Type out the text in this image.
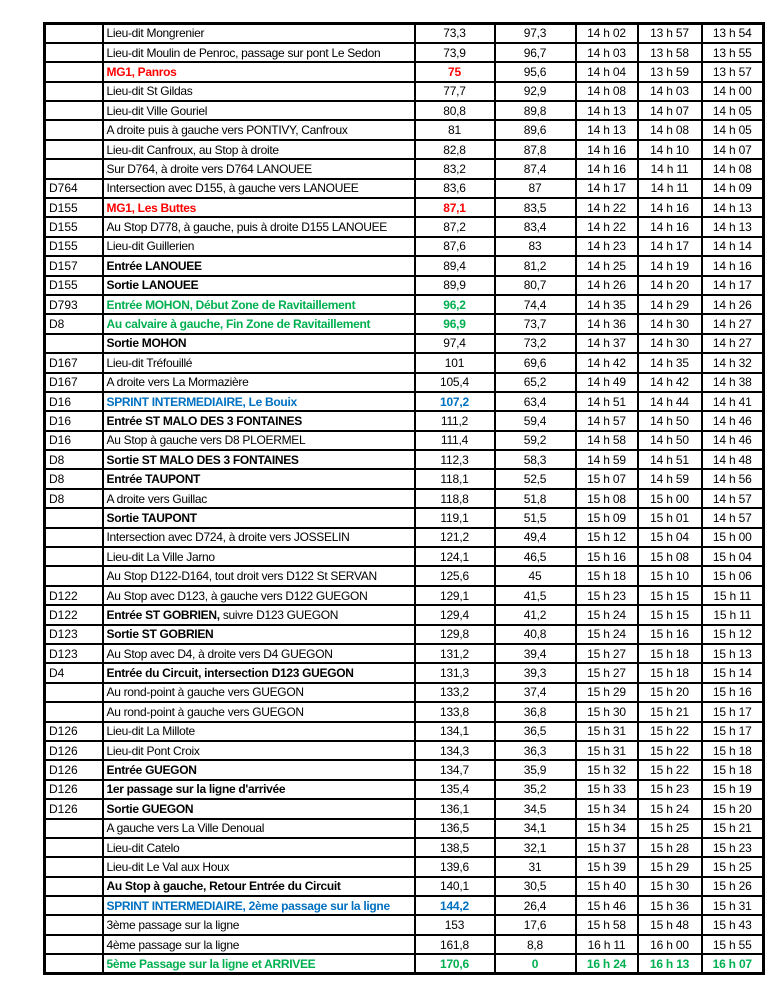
	Lieu-dit Mongrenier	73,3	97,3	14 h 02	13 h 57	13 h 54
	Lieu-dit Moulin de Penroc, passage sur pont Le Sedon	73,9	96,7	14 h 03	13 h 58	13 h 55
	MG1, Panros	75	95,6	14 h 04	13 h 59	13 h 57
	Lieu-dit St Gildas	77,7	92,9	14 h 08	14 h 03	14 h 00
	Lieu-dit Ville Gouriel	80,8	89,8	14 h 13	14 h 07	14 h 05
	A droite puis à gauche vers PONTIVY, Canfroux	81	89,6	14 h 13	14 h 08	14 h 05
	Lieu-dit Canfroux, au Stop à droite	82,8	87,8	14 h 16	14 h 10	14 h 07
	Sur D764, à droite vers D764 LANOUEE	83,2	87,4	14 h 16	14 h 11	14 h 08
D764	Intersection avec D155, à gauche vers LANOUEE	83,6	87	14 h 17	14 h 11	14 h 09
D155	MG1, Les Buttes	87,1	83,5	14 h 22	14 h 16	14 h 13
D155	Au Stop D778, à gauche, puis à droite D155 LANOUEE	87,2	83,4	14 h 22	14 h 16	14 h 13
D155	Lieu-dit Guillerien	87,6	83	14 h 23	14 h 17	14 h 14
D157	Entrée LANOUEE	89,4	81,2	14 h 25	14 h 19	14 h 16
D155	Sortie LANOUEE	89,9	80,7	14 h 26	14 h 20	14 h 17
D793	Entrée MOHON, Début Zone de Ravitaillement	96,2	74,4	14 h 35	14 h 29	14 h 26
D8	Au calvaire à gauche, Fin Zone de Ravitaillement	96,9	73,7	14 h 36	14 h 30	14 h 27
	Sortie MOHON	97,4	73,2	14 h 37	14 h 30	14 h 27
D167	Lieu-dit Tréfouillé	101	69,6	14 h 42	14 h 35	14 h 32
D167	A droite vers La Mormazière	105,4	65,2	14 h 49	14 h 42	14 h 38
D16	SPRINT INTERMEDIAIRE, Le Bouix	107,2	63,4	14 h 51	14 h 44	14 h 41
D16	Entrée ST MALO DES 3 FONTAINES	111,2	59,4	14 h 57	14 h 50	14 h 46
D16	Au Stop à gauche vers D8 PLOERMEL	111,4	59,2	14 h 58	14 h 50	14 h 46
D8	Sortie ST MALO DES 3 FONTAINES	112,3	58,3	14 h 59	14 h 51	14 h 48
D8	Entrée TAUPONT	118,1	52,5	15 h 07	14 h 59	14 h 56
D8	A droite vers Guillac	118,8	51,8	15 h 08	15 h 00	14 h 57
	Sortie TAUPONT	119,1	51,5	15 h 09	15 h 01	14 h 57
	Intersection avec D724, à droite vers JOSSELIN	121,2	49,4	15 h 12	15 h 04	15 h 00
	Lieu-dit La Ville Jarno	124,1	46,5	15 h 16	15 h 08	15 h 04
	Au Stop D122-D164, tout droit vers D122 St SERVAN	125,6	45	15 h 18	15 h 10	15 h 06
D122	Au Stop avec D123, à gauche vers D122 GUEGON	129,1	41,5	15 h 23	15 h 15	15 h 11
D122	Entrée ST GOBRIEN, suivre D123 GUEGON	129,4	41,2	15 h 24	15 h 15	15 h 11
D123	Sortie ST GOBRIEN	129,8	40,8	15 h 24	15 h 16	15 h 12
D123	Au Stop avec D4, à droite vers D4 GUEGON	131,2	39,4	15 h 27	15 h 18	15 h 13
D4	Entrée du Circuit, intersection D123 GUEGON	131,3	39,3	15 h 27	15 h 18	15 h 14
	Au rond-point à gauche vers GUEGON	133,2	37,4	15 h 29	15 h 20	15 h 16
	Au rond-point à gauche vers GUEGON	133,8	36,8	15 h 30	15 h 21	15 h 17
D126	Lieu-dit La Millote	134,1	36,5	15 h 31	15 h 22	15 h 17
D126	Lieu-dit Pont Croix	134,3	36,3	15 h 31	15 h 22	15 h 18
D126	Entrée GUEGON	134,7	35,9	15 h 32	15 h 22	15 h 18
D126	1er passage sur la ligne d'arrivée	135,4	35,2	15 h 33	15 h 23	15 h 19
D126	Sortie GUEGON	136,1	34,5	15 h 34	15 h 24	15 h 20
	A gauche vers La Ville Denoual	136,5	34,1	15 h 34	15 h 25	15 h 21
	Lieu-dit Catelo	138,5	32,1	15 h 37	15 h 28	15 h 23
	Lieu-dit Le Val aux Houx	139,6	31	15 h 39	15 h 29	15 h 25
	Au Stop à gauche, Retour Entrée du Circuit	140,1	30,5	15 h 40	15 h 30	15 h 26
	SPRINT INTERMEDIAIRE, 2ème passage sur la ligne	144,2	26,4	15 h 46	15 h 36	15 h 31
	3ème passage sur la ligne	153	17,6	15 h 58	15 h 48	15 h 43
	4ème passage sur la ligne	161,8	8,8	16 h 11	16 h 00	15 h 55
	5ème Passage sur la ligne et ARRIVEE	170,6	0	16 h 24	16 h 13	16 h 07
